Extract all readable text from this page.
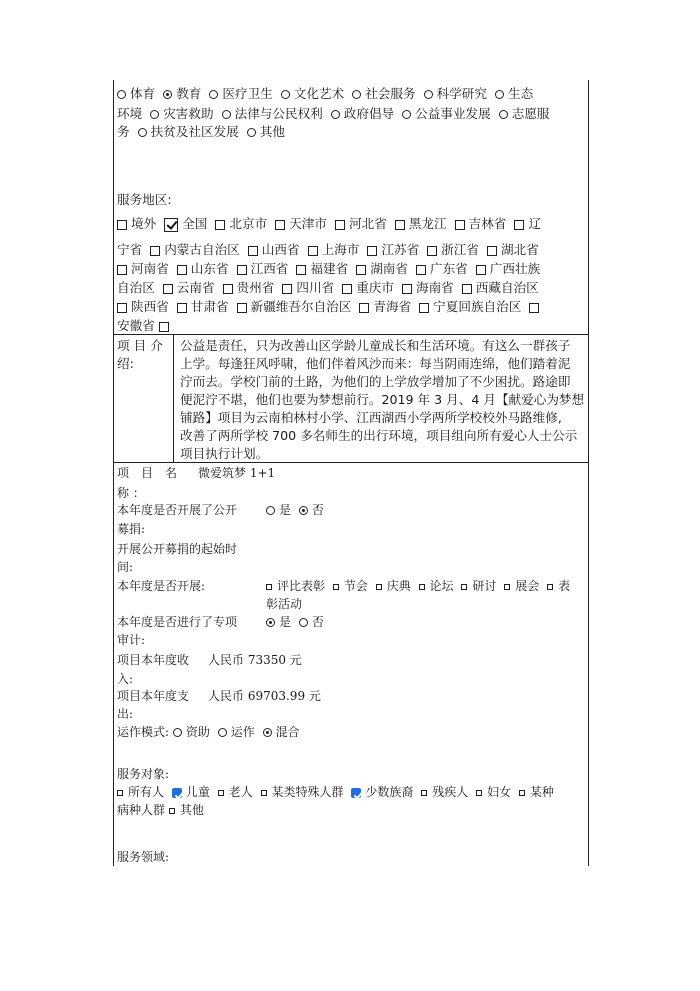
体育 教育 医疗卫生 文化艺术 社会服务 科学研究 生态
环境 灾害救助 法律与公民权利 政府倡导 公益事业发展 志愿服
务 扶贫及社区发展 其他
服务地区:
境外 全国 北京市 天津市 河北省 黑龙江 吉林省 辽
宁省 内蒙古自治区 山西省 上海市 江苏省 浙江省 湖北省
河南省 山东省 江西省 福建省 湖南省 广东省 广西壮族
自治区 云南省 贵州省 四川省 重庆市 海南省 西藏自治区
陕西省 甘肃省 新疆维吾尔自治区 青海省 宁夏回族自治区
安徽省
项 目 介
绍:
公益是责任，只为改善山区学龄儿童成长和生活环境。有这么一群孩子
上学。每逢狂风呼啸，他们伴着风沙而来：每当阴雨连绵，他们踏着泥
泞而去。学校门前的土路，为他们的上学放学增加了不少困扰。路途即
便泥泞不堪，他们也要为梦想前行。2019 年 3 月、4 月【献爱心为梦想
铺路】项目为云南柏林村小学、江西湖西小学两所学校校外马路维修,
改善了两所学校 700 多名师生的出行环境，项目组向所有爱心人士公示
项目执行计划。
项　目　名 微爱筑梦 1+1
称 ：
本年度是否开展了公开	是 否
募捐:
开展公开募捐的起始时
间:
本年度是否开展:	评比表彰 节会 庆典 论坛 研讨 展会 表
彰活动
本年度是否进行了专项	是 否
审计:
项目本年度收 人民币 73350 元
入:
项目本年度支 人民币 69703.99 元
出:
运作模式: 资助 运作 混合
服务对象:
所有人 儿童 老人 某类特殊人群 少数族裔 残疾人 妇女 某种
病种人群 其他
服务领域:
